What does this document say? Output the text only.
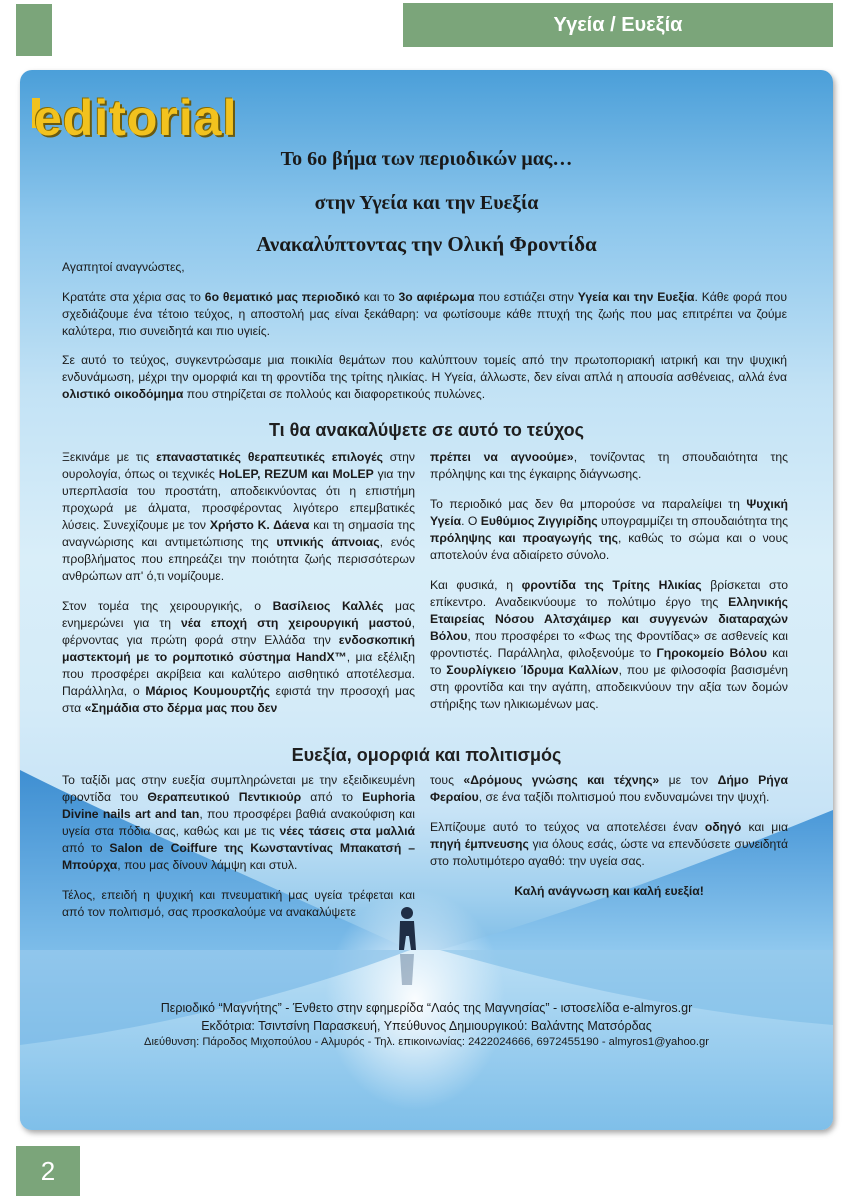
Υγεία / Ευεξία
editorial
Το 6ο βήμα των περιοδικών μας…
στην Υγεία και την Ευεξία
Ανακαλύπτοντας την Ολική Φροντίδα

Αγαπητοί αναγνώστες,

Κρατάτε στα χέρια σας το 6ο θεματικό μας περιοδικό και το 3ο αφιέρωμα που εστιάζει στην Υγεία και την Ευεξία. Κάθε φορά που σχεδιάζουμε ένα τέτοιο τεύχος, η αποστολή μας είναι ξεκάθαρη: να φωτίσουμε κάθε πτυχή της ζωής που μας επιτρέπει να ζούμε καλύτερα, πιο συνειδητά και πιο υγιείς.

Σε αυτό το τεύχος, συγκεντρώσαμε μια ποικιλία θεμάτων που καλύπτουν τομείς από την πρωτοποριακή ιατρική και την ψυχική ενδυνάμωση, μέχρι την ομορφιά και τη φροντίδα της τρίτης ηλικίας. Η Υγεία, άλλωστε, δεν είναι απλά η απουσία ασθένειας, αλλά ένα ολιστικό οικοδόμημα που στηρίζεται σε πολλούς και διαφορετικούς πυλώνες.

Τι θα ανακαλύψετε σε αυτό το τεύχος

Ξεκινάμε με τις επαναστατικές θεραπευτικές επιλογές στην ουρολογία, όπως οι τεχνικές HoLEP, REZUM και MoLEP για την υπερπλασία του προστάτη, αποδεικνύοντας ότι η επιστήμη προχωρά με άλματα, προσφέροντας λιγότερο επεμβατικές λύσεις. Συνεχίζουμε με τον Χρήστο Κ. Δάενα και τη σημασία της αναγνώρισης και αντιμετώπισης της υπνικής άπνοιας, ενός προβλήματος που επηρεάζει την ποιότητα ζωής περισσότερων ανθρώπων απ' ό,τι νομίζουμε.

Στον τομέα της χειρουργικής, ο Βασίλειος Καλλές μας ενημερώνει για τη νέα εποχή στη χειρουργική μαστού, φέρνοντας για πρώτη φορά στην Ελλάδα την ενδοσκοπική μαστεκτομή με το ρομποτικό σύστημα HandX™, μια εξέλιξη που προσφέρει ακρίβεια και καλύτερο αισθητικό αποτέλεσμα. Παράλληλα, ο Μάριος Κουμουρτζής εφιστά την προσοχή μας στα «Σημάδια στο δέρμα μας που δεν

πρέπει να αγνοούμε», τονίζοντας τη σπουδαιότητα της πρόληψης και της έγκαιρης διάγνωσης.

Το περιοδικό μας δεν θα μπορούσε να παραλείψει τη Ψυχική Υγεία. Ο Ευθύμιος Ζιγγιρίδης υπογραμμίζει τη σπουδαιότητα της πρόληψης και προαγωγής της, καθώς το σώμα και ο νους αποτελούν ένα αδιαίρετο σύνολο.

Και φυσικά, η φροντίδα της Τρίτης Ηλικίας βρίσκεται στο επίκεντρο. Αναδεικνύουμε το πολύτιμο έργο της Ελληνικής Εταιρείας Νόσου Αλτσχάιμερ και συγγενών διαταραχών Βόλου, που προσφέρει το «Φως της Φροντίδας» σε ασθενείς και φροντιστές. Παράλληλα, φιλοξενούμε το Γηροκομείο Βόλου και το Σουρλίγκειο Ίδρυμα Καλλίων, που με φιλοσοφία βασισμένη στη φροντίδα και την αγάπη, αποδεικνύουν την αξία των δομών στήριξης των ηλικιωμένων μας.

Ευεξία, ομορφιά και πολιτισμός

Το ταξίδι μας στην ευεξία συμπληρώνεται με την εξειδικευμένη φροντίδα του Θεραπευτικού Πεντικιούρ από το Euphoria Divine nails art and tan, που προσφέρει βαθιά ανακούφιση και υγεία στα πόδια σας, καθώς και με τις νέες τάσεις στα μαλλιά από το Salon de Coiffure της Κωνσταντίνας Μπακατσή – Μπούρχα, που μας δίνουν λάμψη και στυλ.

Τέλος, επειδή η ψυχική και πνευματική μας υγεία τρέφεται και από τον πολιτισμό, σας προσκαλούμε να ανακαλύψετε

τους «Δρόμους γνώσης και τέχνης» με τον Δήμο Ρήγα Φεραίου, σε ένα ταξίδι πολιτισμού που ενδυναμώνει την ψυχή.

Ελπίζουμε αυτό το τεύχος να αποτελέσει έναν οδηγό και μια πηγή έμπνευσης για όλους εσάς, ώστε να επενδύσετε συνειδητά στο πολυτιμότερο αγαθό: την υγεία σας.

Καλή ανάγνωση και καλή ευεξία!

Περιοδικό “Μαγνήτης” - Ένθετο στην εφημερίδα “Λαός της Μαγνησίας” - ιστοσελίδα e-almyros.gr
Εκδότρια: Τσιντσίνη Παρασκευή, Υπεύθυνος Δημιουργικού: Βαλάντης Ματσόρδας
Διεύθυνση: Πάροδος Μιχοπούλου - Αλμυρός - Τηλ. επικοινωνίας: 2422024666, 6972455190 - almyros1@yahoo.gr
2
